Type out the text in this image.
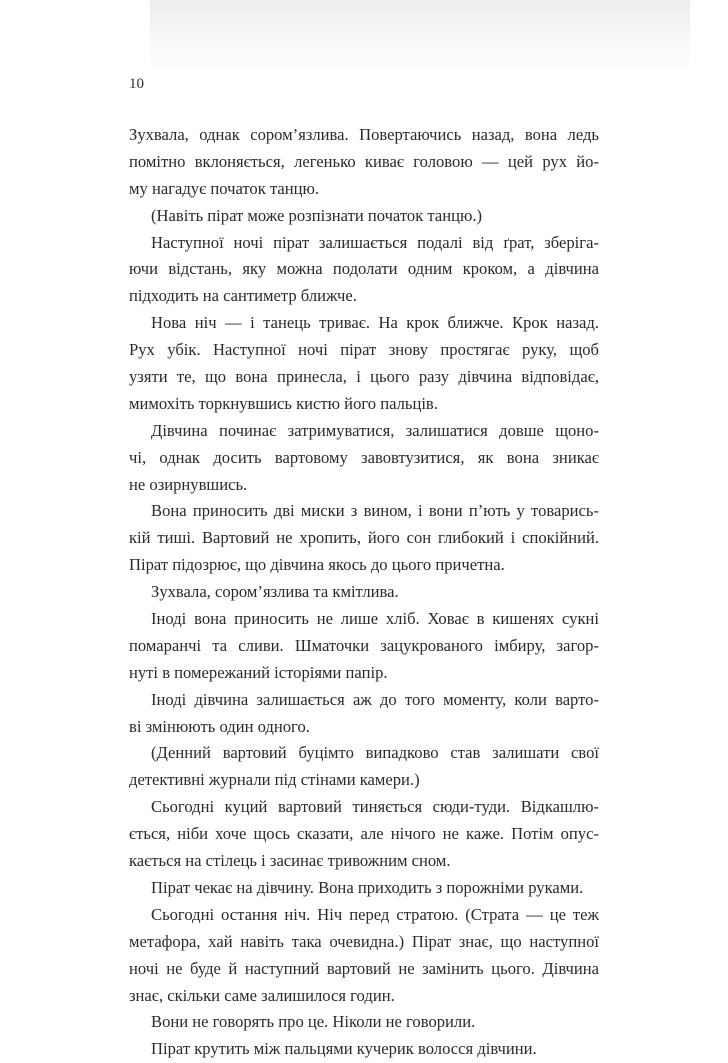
10
Зухвала, однак сором’язлива. Повертаючись назад, вона ледь
помітно вклоняється, легенько киває головою — цей рух йо-
му нагадує початок танцю.
(Навіть пірат може розпізнати початок танцю.)
Наступної ночі пірат залишається подалі від ґрат, зберіга-
ючи відстань, яку можна подолати одним кроком, а дівчина
підходить на сантиметр ближче.
Нова ніч — і танець триває. На крок ближче. Крок назад.
Рух убік. Наступної ночі пірат знову простягає руку, щоб
узяти те, що вона принесла, і цього разу дівчина відповідає,
мимохіть торкнувшись кистю його пальців.
Дівчина починає затримуватися, залишатися довше щоно-
чі, однак досить вартовому завовтузитися, як вона зникає
не озирнувшись.
Вона приносить дві миски з вином, і вони п’ють у товарись-
кій тиші. Вартовий не хропить, його сон глибокий і спокійний.
Пірат підозрює, що дівчина якось до цього причетна.
Зухвала, сором’язлива та кмітлива.
Іноді вона приносить не лише хліб. Ховає в кишенях сукні
помаранчі та сливи. Шматочки зацукрованого імбиру, загор-
нуті в помережаний історіями папір.
Іноді дівчина залишається аж до того моменту, коли варто-
ві змінюють один одного.
(Денний вартовий буцімто випадково став залишати свої
детективні журнали під стінами камери.)
Сьогодні куций вартовий тиняється сюди-туди. Відкашлю-
ється, ніби хоче щось сказати, але нічого не каже. Потім опус-
кається на стілець і засинає тривожним сном.
Пірат чекає на дівчину. Вона приходить з порожніми руками.
Сьогодні остання ніч. Ніч перед стратою. (Страта — це теж
метафора, хай навіть така очевидна.) Пірат знає, що наступної
ночі не буде й наступний вартовий не замінить цього. Дівчина
знає, скільки саме залишилося годин.
Вони не говорять про це. Ніколи не говорили.
Пірат крутить між пальцями кучерик волосся дівчини.
